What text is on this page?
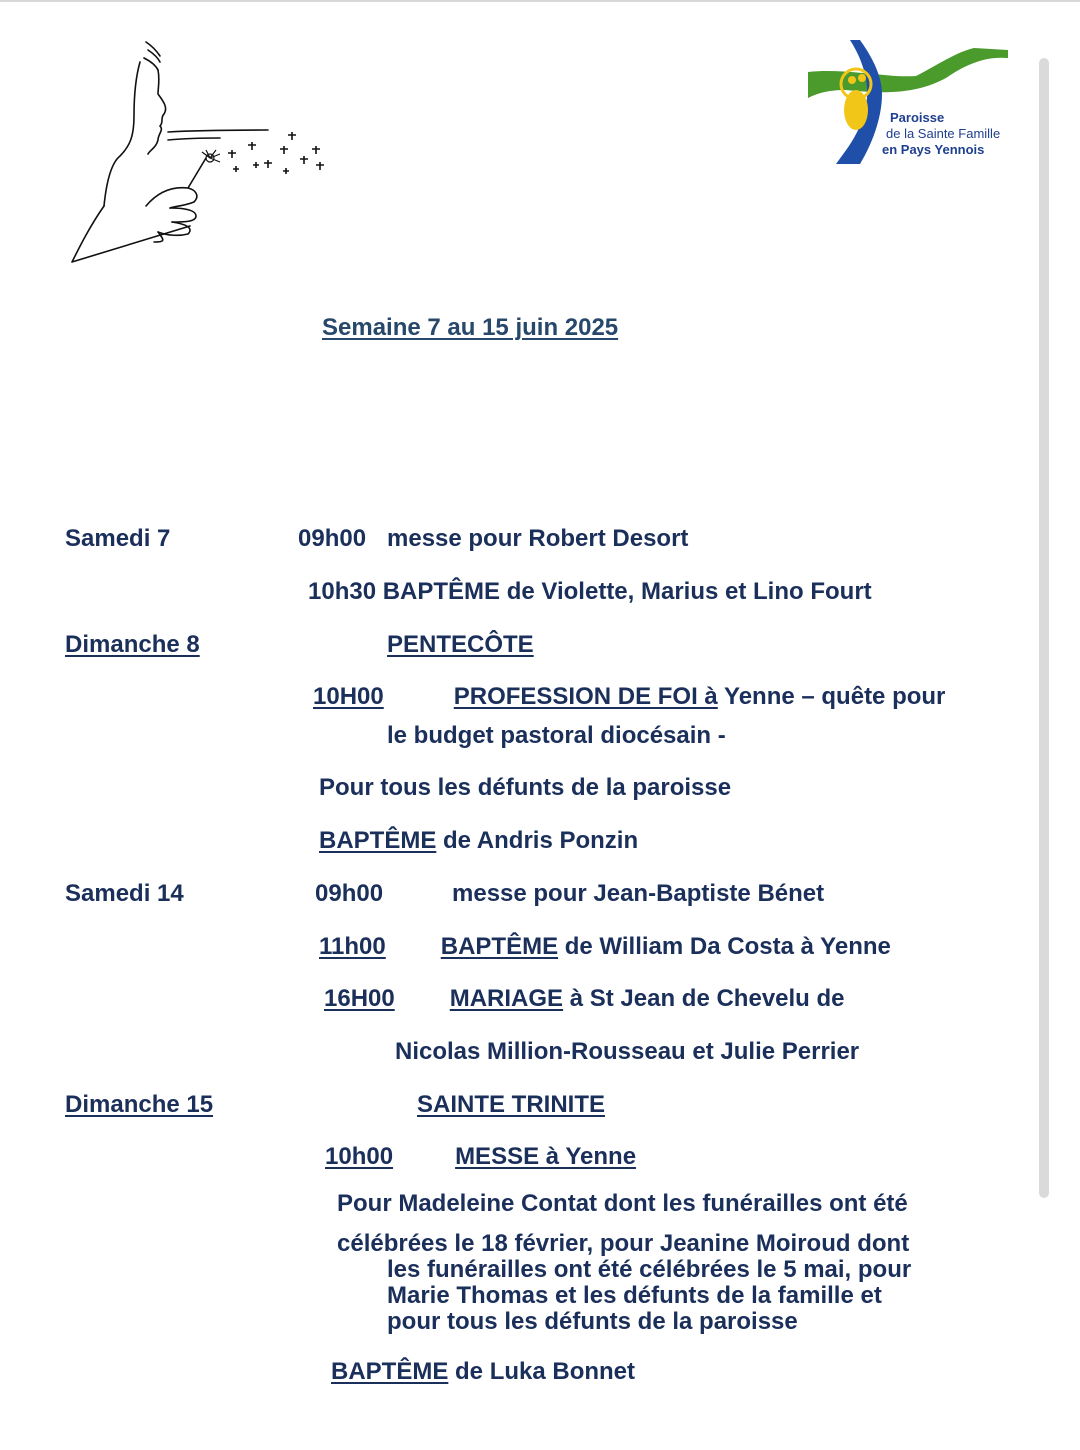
Paroisse
de la Sainte Famille
en Pays Yennois
Semaine 7 au 15 juin 2025
Samedi 7	09h00 messe pour Robert Desort
10h30 BAPTÊME de Violette, Marius et Lino Fourt
Dimanche 8	PENTECÔTE
10H00	PROFESSION DE FOI à Yenne – quête pour
le budget pastoral diocésain -
Pour tous les défunts de la paroisse
BAPTÊME de Andris Ponzin
Samedi 14	09h00	messe pour Jean-Baptiste Bénet
11h00 BAPTÊME de William Da Costa à Yenne
16H00 MARIAGE à St Jean de Chevelu de
Nicolas Million-Rousseau et Julie Perrier
Dimanche 15	SAINTE TRINITE
10h00	MESSE à Yenne
Pour Madeleine Contat dont les funérailles ont été
célébrées le 18 février, pour Jeanine Moiroud dont
les funérailles ont été célébrées le 5 mai, pour
Marie Thomas et les défunts de la famille et
pour tous les défunts de la paroisse
BAPTÊME de Luka Bonnet
